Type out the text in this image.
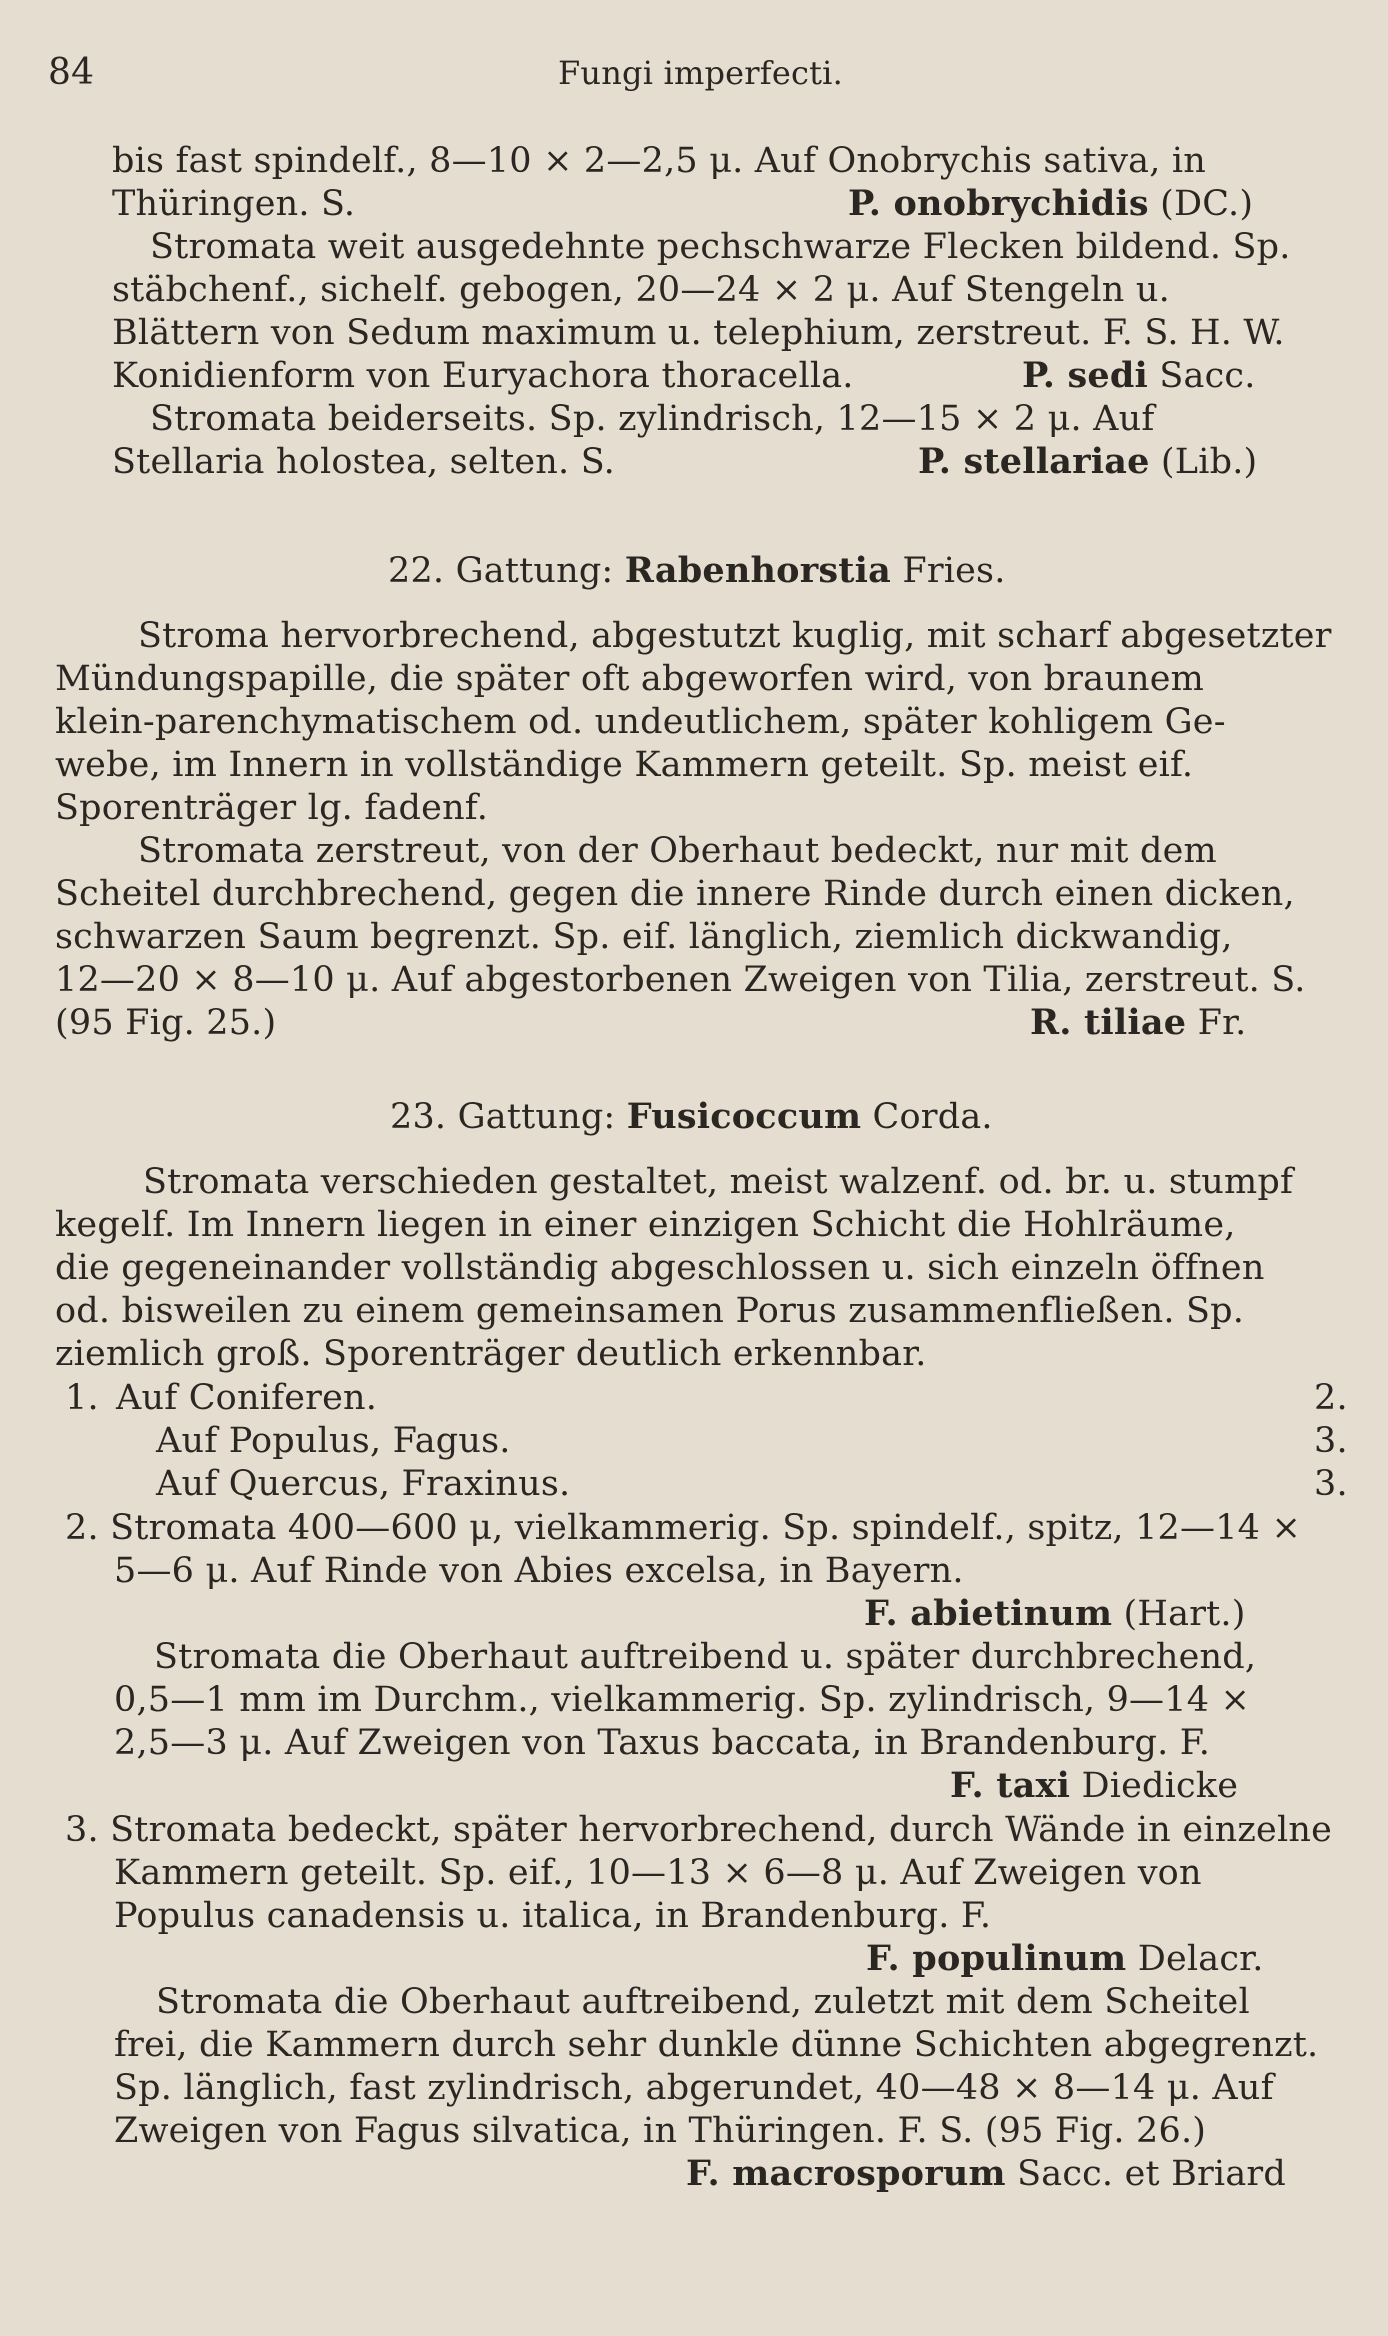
84	Fungi imperfecti.
bis fast spindelf., 8—10 × 2—2,5 μ. Auf Onobrychis sativa, in
Thüringen. S.	P. onobrychidis (DC.)
Stromata weit ausgedehnte pechschwarze Flecken bildend. Sp.
stäbchenf., sichelf. gebogen, 20—24 × 2 μ. Auf Stengeln u.
Blättern von Sedum maximum u. telephium, zerstreut. F. S. H. W.
Konidienform von Euryachora thoracella.	P. sedi Sacc.
Stromata beiderseits. Sp. zylindrisch, 12—15 × 2 μ. Auf
Stellaria holostea, selten. S.	P. stellariae (Lib.)
22. Gattung: Rabenhorstia Fries.
Stroma hervorbrechend, abgestutzt kuglig, mit scharf abgesetzter
Mündungspapille, die später oft abgeworfen wird, von braunem
klein-parenchymatischem od. undeutlichem, später kohligem Ge-
webe, im Innern in vollständige Kammern geteilt. Sp. meist eif.
Sporenträger lg. fadenf.
Stromata zerstreut, von der Oberhaut bedeckt, nur mit dem
Scheitel durchbrechend, gegen die innere Rinde durch einen dicken,
schwarzen Saum begrenzt. Sp. eif. länglich, ziemlich dickwandig,
12—20 × 8—10 μ. Auf abgestorbenen Zweigen von Tilia, zerstreut. S.
(95 Fig. 25.)	R. tiliae Fr.
23. Gattung: Fusicoccum Corda.
Stromata verschieden gestaltet, meist walzenf. od. br. u. stumpf
kegelf. Im Innern liegen in einer einzigen Schicht die Hohlräume,
die gegeneinander vollständig abgeschlossen u. sich einzeln öffnen
od. bisweilen zu einem gemeinsamen Porus zusammenfließen. Sp.
ziemlich groß. Sporenträger deutlich erkennbar.
1. Auf Coniferen.	2.
Auf Populus, Fagus.	3.
Auf Quercus, Fraxinus.	3.
2. Stromata 400—600 μ, vielkammerig. Sp. spindelf., spitz, 12—14 ×
5—6 μ. Auf Rinde von Abies excelsa, in Bayern.
F. abietinum (Hart.)
Stromata die Oberhaut auftreibend u. später durchbrechend,
0,5—1 mm im Durchm., vielkammerig. Sp. zylindrisch, 9—14 ×
2,5—3 μ. Auf Zweigen von Taxus baccata, in Brandenburg. F.
F. taxi Diedicke
3. Stromata bedeckt, später hervorbrechend, durch Wände in einzelne
Kammern geteilt. Sp. eif., 10—13 × 6—8 μ. Auf Zweigen von
Populus canadensis u. italica, in Brandenburg. F.
F. populinum Delacr.
Stromata die Oberhaut auftreibend, zuletzt mit dem Scheitel
frei, die Kammern durch sehr dunkle dünne Schichten abgegrenzt.
Sp. länglich, fast zylindrisch, abgerundet, 40—48 × 8—14 μ. Auf
Zweigen von Fagus silvatica, in Thüringen. F. S. (95 Fig. 26.)
F. macrosporum Sacc. et Briard
